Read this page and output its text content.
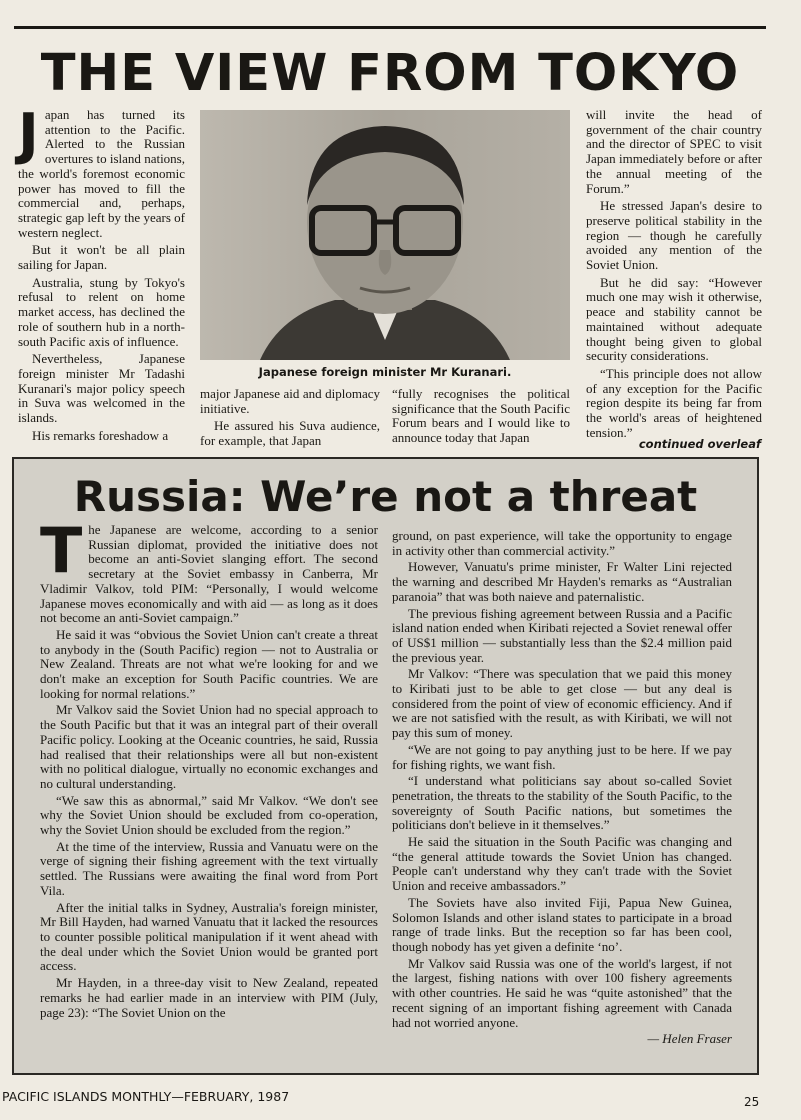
THE VIEW FROM TOKYO

Japan has turned its attention to the Pacific. Alerted to the Russian overtures to island nations, the world's foremost economic power has moved to fill the commercial and, perhaps, strategic gap left by the years of western neglect.

But it won't be all plain sailing for Japan.

Australia, stung by Tokyo's refusal to relent on home market access, has declined the role of southern hub in a north-south Pacific axis of influence.

Nevertheless, Japanese foreign minister Mr Tadashi Kuranari's major policy speech in Suva was welcomed in the islands.

His remarks foreshadow a

Japanese foreign minister Mr Kuranari.

major Japanese aid and diplomacy initiative.

He assured his Suva audience, for example, that Japan

“fully recognises the political significance that the South Pacific Forum bears and I would like to announce today that Japan

will invite the head of government of the chair country and the director of SPEC to visit Japan immediately before or after the annual meeting of the Forum.”

He stressed Japan's desire to preserve political stability in the region — though he carefully avoided any mention of the Soviet Union.

But he did say: “However much one may wish it otherwise, peace and stability cannot be maintained without adequate thought being given to global security considerations.

“This principle does not allow of any exception for the Pacific region despite its being far from the world's areas of heightened tension.”

continued overleaf
Russia: We’re not a threat

The Japanese are welcome, according to a senior Russian diplomat, provided the initiative does not become an anti-Soviet slanging effort. The second secretary at the Soviet embassy in Canberra, Mr Vladimir Valkov, told PIM: “Personally, I would welcome Japanese moves economically and with aid — as long as it does not become an anti-Soviet campaign.”

He said it was “obvious the Soviet Union can't create a threat to anybody in the (South Pacific) region — not to Australia or New Zealand. Threats are not what we're looking for and we don't make an exception for South Pacific countries. We are looking for normal relations.”

Mr Valkov said the Soviet Union had no special approach to the South Pacific but that it was an integral part of their overall Pacific policy. Looking at the Oceanic countries, he said, Russia had realised that their relationships were all but non-existent with no political dialogue, virtually no economic exchanges and no cultural understanding.

“We saw this as abnormal,” said Mr Valkov. “We don't see why the Soviet Union should be excluded from co-operation, why the Soviet Union should be excluded from the region.”

At the time of the interview, Russia and Vanuatu were on the verge of signing their fishing agreement with the text virtually settled. The Russians were awaiting the final word from Port Vila.

After the initial talks in Sydney, Australia's foreign minister, Mr Bill Hayden, had warned Vanuatu that it lacked the resources to counter possible political manipulation if it went ahead with the deal under which the Soviet Union would be granted port access.

Mr Hayden, in a three-day visit to New Zealand, repeated remarks he had earlier made in an interview with PIM (July, page 23): “The Soviet Union on the

ground, on past experience, will take the opportunity to engage in activity other than commercial activity.”

However, Vanuatu's prime minister, Fr Walter Lini rejected the warning and described Mr Hayden's remarks as “Australian paranoia” that was both naieve and paternalistic.

The previous fishing agreement between Russia and a Pacific island nation ended when Kiribati rejected a Soviet renewal offer of US$1 million — substantially less than the $2.4 million paid the previous year.

Mr Valkov: “There was speculation that we paid this money to Kiribati just to be able to get close — but any deal is considered from the point of view of economic efficiency. And if we are not satisfied with the result, as with Kiribati, we will not pay this sum of money.

“We are not going to pay anything just to be here. If we pay for fishing rights, we want fish.

“I understand what politicians say about so-called Soviet penetration, the threats to the stability of the South Pacific, to the sovereignty of South Pacific nations, but sometimes the politicians don't believe in it themselves.”

He said the situation in the South Pacific was changing and “the general attitude towards the Soviet Union has changed. People can't understand why they can't trade with the Soviet Union and receive ambassadors.”

The Soviets have also invited Fiji, Papua New Guinea, Solomon Islands and other island states to participate in a broad range of trade links. But the reception so far has been cool, though nobody has yet given a definite ‘no’.

Mr Valkov said Russia was one of the world's largest, if not the largest, fishing nations with over 100 fishery agreements with other countries. He said he was “quite astonished” that the recent signing of an important fishing agreement with Canada had not worried anyone.

— Helen Fraser

PACIFIC ISLANDS MONTHLY—FEBRUARY, 1987	25
